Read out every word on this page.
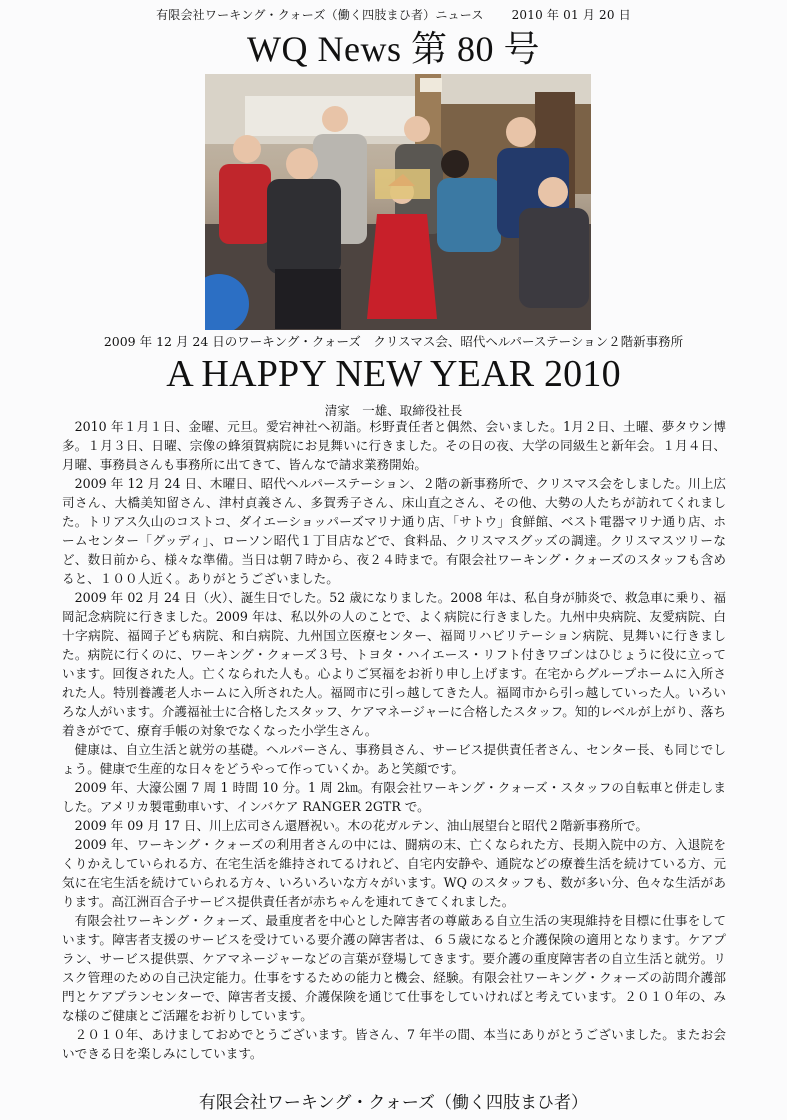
有限会社ワーキング・クォーズ（働く四肢まひ者）ニュース 2010 年 01 月 20 日
WQ News 第 80 号
2009 年 12 月 24 日のワーキング・クォーズ　クリスマス会、昭代ヘルパーステーション２階新事務所
A HAPPY NEW YEAR 2010
清家　一雄、取締役社長

2010 年１月１日、金曜、元旦。愛宕神社へ初詣。杉野責任者と偶然、会いました。1月２日、土曜、夢タウン博多。１月３日、日曜、宗像の蜂須賀病院にお見舞いに行きました。その日の夜、大学の同級生と新年会。１月４日、月曜、事務員さんも事務所に出てきて、皆んなで請求業務開始。

2009 年 12 月 24 日、木曜日、昭代ヘルパーステーション、２階の新事務所で、クリスマス会をしました。川上広司さん、大橋美知留さん、津村貞義さん、多賀秀子さん、床山直之さん、その他、大勢の人たちが訪れてくれました。トリアス久山のコストコ、ダイエーショッパーズマリナ通り店、「サトウ」食鮮館、ベスト電器マリナ通り店、ホームセンター「グッディ」、ローソン昭代１丁目店などで、食料品、クリスマスグッズの調達。クリスマスツリーなど、数日前から、様々な準備。当日は朝７時から、夜２４時まで。有限会社ワーキング・クォーズのスタッフも含めると、１００人近く。ありがとうございました。

2009 年 02 月 24 日（火）、誕生日でした。52 歳になりました。2008 年は、私自身が肺炎で、救急車に乗り、福岡記念病院に行きました。2009 年は、私以外の人のことで、よく病院に行きました。九州中央病院、友愛病院、白十字病院、福岡子ども病院、和白病院、九州国立医療センター、福岡リハビリテーション病院、見舞いに行きました。病院に行くのに、ワーキング・クォーズ３号、トヨタ・ハイエース・リフト付きワゴンはひじょうに役に立っています。回復された人。亡くなられた人も。心よりご冥福をお祈り申し上げます。在宅からグループホームに入所された人。特別養護老人ホームに入所された人。福岡市に引っ越してきた人。福岡市から引っ越していった人。いろいろな人がいます。介護福祉士に合格したスタッフ、ケアマネージャーに合格したスタッフ。知的レベルが上がり、落ち着きがでて、療育手帳の対象でなくなった小学生さん。

健康は、自立生活と就労の基礎。ヘルパーさん、事務員さん、サービス提供責任者さん、センター長、も同じでしょう。健康で生産的な日々をどうやって作っていくか。あと笑顔です。

2009 年、大濠公園 7 周 1 時間 10 分。1 周 2㎞。有限会社ワーキング・クォーズ・スタッフの自転車と併走しました。アメリカ製電動車いす、インバケア RANGER 2GTR で。

2009 年 09 月 17 日、川上広司さん還暦祝い。木の花ガルテン、油山展望台と昭代２階新事務所で。

2009 年、ワーキング・クォーズの利用者さんの中には、闘病の末、亡くなられた方、長期入院中の方、入退院をくりかえしていられる方、在宅生活を維持されてるけれど、自宅内安静や、通院などの療養生活を続けている方、元気に在宅生活を続けていられる方々、いろいろいな方々がいます。WQ のスタッフも、数が多い分、色々な生活があります。高江洲百合子サービス提供責任者が赤ちゃんを連れてきてくれました。

有限会社ワーキング・クォーズ、最重度者を中心とした障害者の尊厳ある自立生活の実現維持を目標に仕事をしています。障害者支援のサービスを受けている要介護の障害者は、６５歳になると介護保険の適用となります。ケアプラン、サービス提供票、ケアマネージャーなどの言葉が登場してきます。要介護の重度障害者の自立生活と就労。リスク管理のための自己決定能力。仕事をするための能力と機会、経験。有限会社ワーキング・クォーズの訪問介護部門とケアプランセンターで、障害者支援、介護保険を通じて仕事をしていければと考えています。２０１０年の、みな様のご健康とご活躍をお祈りしています。

２０１０年、あけましておめでとうございます。皆さん、7 年半の間、本当にありがとうございました。またお会いできる日を楽しみにしています。

有限会社ワーキング・クォーズ（働く四肢まひ者）
